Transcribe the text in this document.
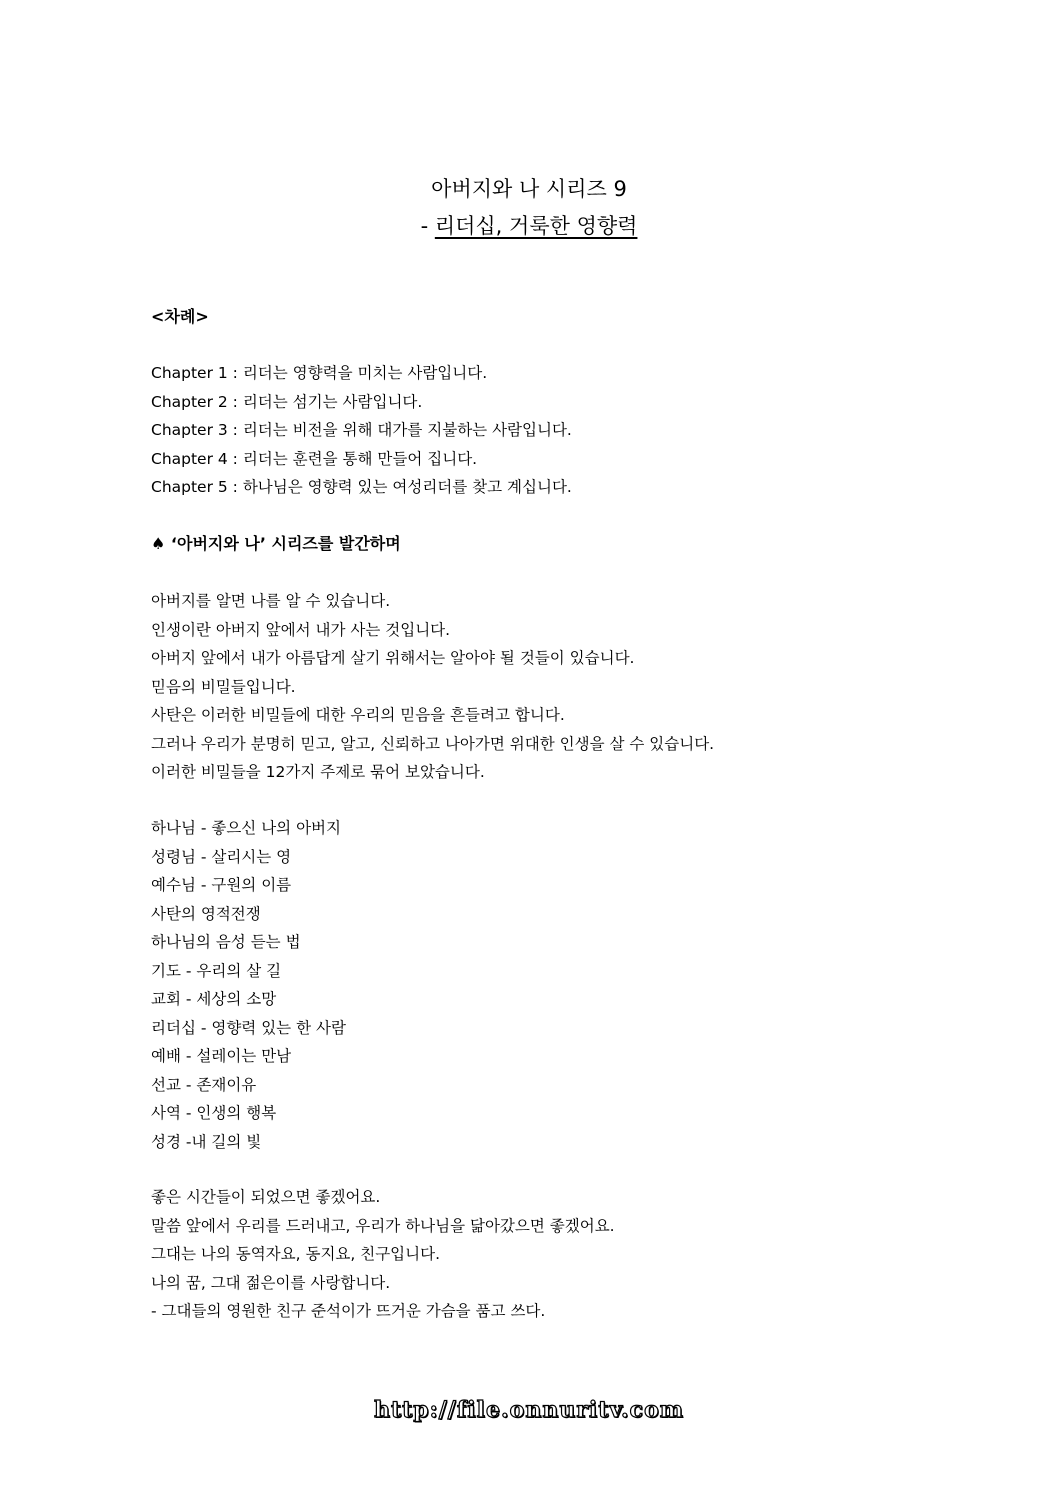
아버지와 나 시리즈 9
- 리더십, 거룩한 영향력
<차례>
Chapter 1 : 리더는 영향력을 미치는 사람입니다.
Chapter 2 : 리더는 섬기는 사람입니다.
Chapter 3 : 리더는 비전을 위해 대가를 지불하는 사람입니다.
Chapter 4 : 리더는 훈련을 통해 만들어 집니다.
Chapter 5 : 하나님은 영향력 있는 여성리더를 찾고 계십니다.
♠ ‘아버지와 나’ 시리즈를 발간하며
아버지를 알면 나를 알 수 있습니다.
인생이란 아버지 앞에서 내가 사는 것입니다.
아버지 앞에서 내가 아름답게 살기 위해서는 알아야 될 것들이 있습니다.
믿음의 비밀들입니다.
사탄은 이러한 비밀들에 대한 우리의 믿음을 흔들려고 합니다.
그러나 우리가 분명히 믿고, 알고, 신뢰하고 나아가면 위대한 인생을 살 수 있습니다.
이러한 비밀들을 12가지 주제로 묶어 보았습니다.
하나님 - 좋으신 나의 아버지
성령님 - 살리시는 영
예수님 - 구원의 이름
사탄의 영적전쟁
하나님의 음성 듣는 법
기도 - 우리의 살 길
교회 - 세상의 소망
리더십 - 영향력 있는 한 사람
예배 - 설레이는 만남
선교 - 존재이유
사역 - 인생의 행복
성경 -내 길의 빛
좋은 시간들이 되었으면 좋겠어요.
말씀 앞에서 우리를 드러내고, 우리가 하나님을 닮아갔으면 좋겠어요.
그대는 나의 동역자요, 동지요, 친구입니다.
나의 꿈, 그대 젊은이를 사랑합니다.
- 그대들의 영원한 친구 준석이가 뜨거운 가슴을 품고 쓰다.
http://file.onnuritv.com
